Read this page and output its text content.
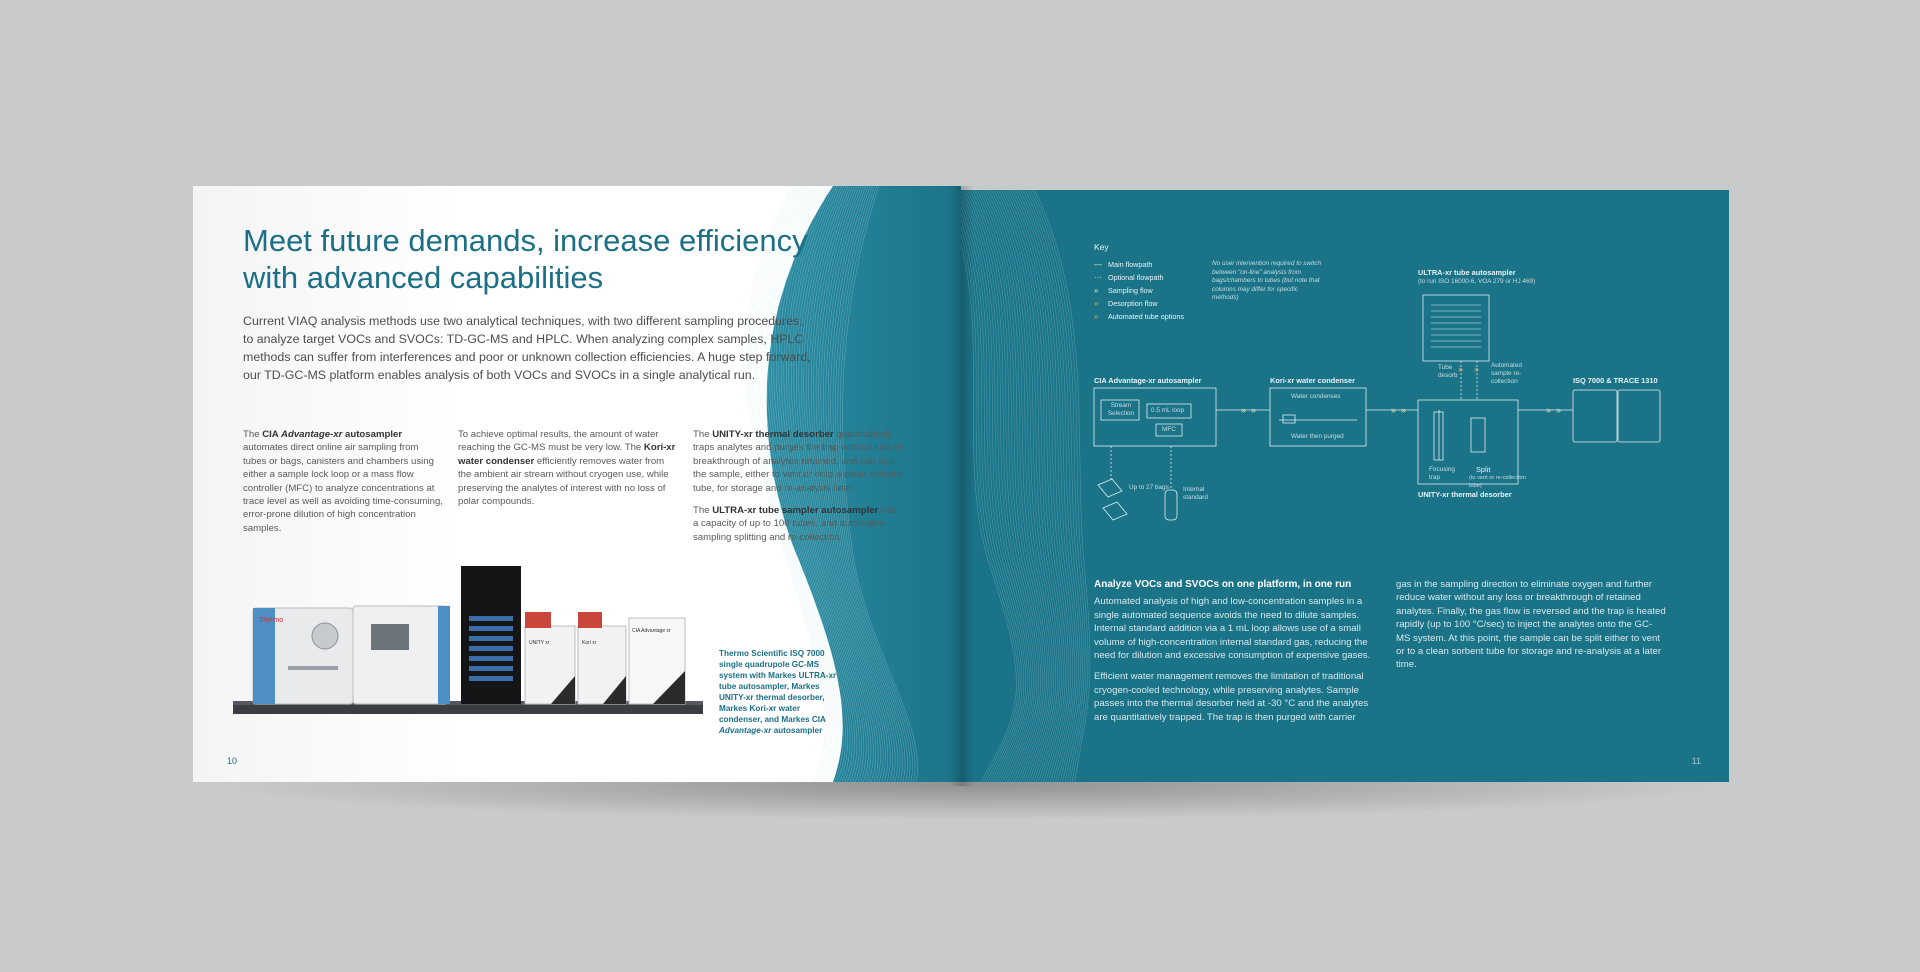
Meet future demands, increase efficiency with advanced capabilities

Current VIAQ analysis methods use two analytical techniques, with two different sampling procedures, to analyze target VOCs and SVOCs: TD-GC-MS and HPLC. When analyzing complex samples, HPLC methods can suffer from interferences and poor or unknown collection efficiencies. A huge step forward, our TD-GC-MS platform enables analysis of both VOCs and SVOCs in a single analytical run.

The CIA Advantage-xr autosampler automates direct online air sampling from tubes or bags, canisters and chambers using either a sample lock loop or a mass flow controller (MFC) to analyze concentrations at trace level as well as avoiding time-consuming, error-prone dilution of high concentration samples.

To achieve optimal results, the amount of water reaching the GC-MS must be very low. The Kori-xr water condenser efficiently removes water from the ambient air stream without cryogen use, while preserving the analytes of interest with no loss of polar compounds.

The UNITY-xr thermal desorber quantitatively traps analytes and purges the trap without loss or breakthrough of analytes retained, and can split the sample, either to vent or onto a clean sorbent tube, for storage and re-analysis later.

The ULTRA-xr tube sampler autosampler has a capacity of up to 100 tubes, and automates sampling splitting and re-collection.

Thermo
UNITY xr	Kori xr
CIA Advantage xr
Thermo Scientific ISQ 7000 single quadrupole GC-MS system with Markes ULTRA-xr tube autosampler, Markes UNITY-xr thermal desorber, Markes Kori-xr water condenser, and Markes CIA Advantage-xr autosampler
10
Key
— Main flowpath
··· Optional flowpath
»	Sampling flow
»	Desorption flow
»	Automated tube options
No user intervention required to switch between "on-line" analysis from bags/chambers to tubes (but note that columns may differ for specific methods)
» »	» »	» »
» »
ULTRA-xr tube autosampler
(to run ISO 16000-6, VOA 279 or HJ 469)
CIA Advantage-xr autosampler
Stream Selection	0.5 mL loop
MFC
Up to 27 bags Internal standard
Kori-xr water condenser
Water condenses
Water then purged
Tube desorb
Automated sample re-collection
Focusing trap
Split
(to vent or re-collection tube)
UNITY-xr thermal desorber
ISQ 7000 & TRACE 1310
Analyze VOCs and SVOCs on one platform, in one run

Automated analysis of high and low-concentration samples in a single automated sequence avoids the need to dilute samples. Internal standard addition via a 1 mL loop allows use of a small volume of high-concentration internal standard gas, reducing the need for dilution and excessive consumption of expensive gases.

Efficient water management removes the limitation of traditional cryogen-cooled technology, while preserving analytes. Sample passes into the thermal desorber held at -30 °C and the analytes are quantitatively trapped. The trap is then purged with carrier

gas in the sampling direction to eliminate oxygen and further reduce water without any loss or breakthrough of retained analytes. Finally, the gas flow is reversed and the trap is heated rapidly (up to 100 °C/sec) to inject the analytes onto the GC-MS system. At this point, the sample can be split either to vent or to a clean sorbent tube for storage and re-analysis at a later time.

11
